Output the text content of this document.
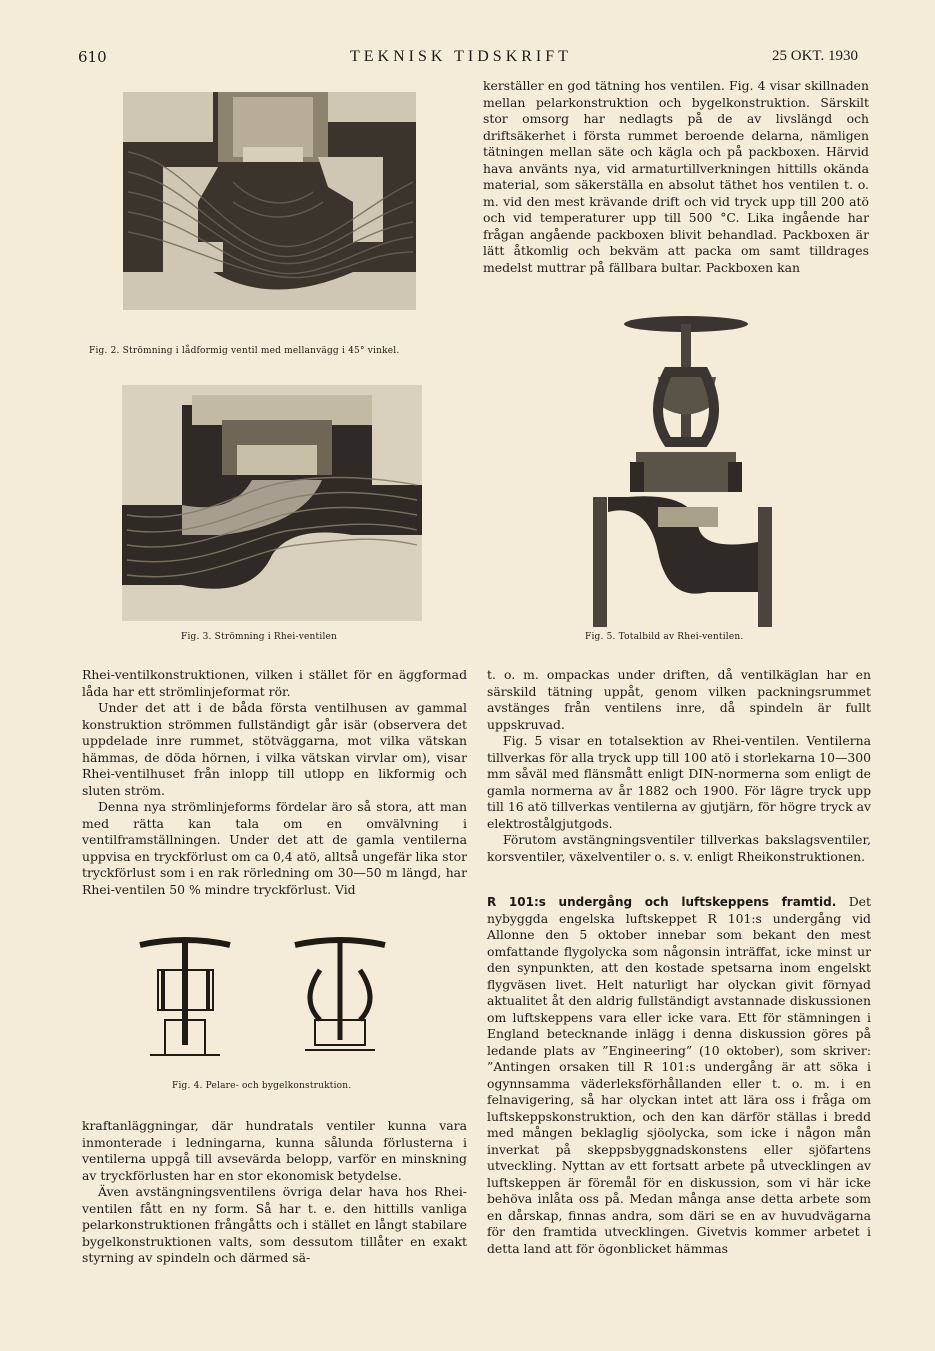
610	TEKNISK TIDSKRIFT	25 OKT. 1930

kerställer en god tätning hos ventilen. Fig. 4 visar skillnaden mellan pelarkonstruktion och bygelkonstruktion. Särskilt stor omsorg har nedlagts på de av livslängd och driftsäkerhet i första rummet beroende delarna, nämligen tätningen mellan säte och kägla och på packboxen. Härvid hava använts nya, vid armaturtillverkningen hittills okända material, som säkerställa en absolut täthet hos ventilen t. o. m. vid den mest krävande drift och vid tryck upp till 200 atö och vid temperaturer upp till 500 °C. Lika ingående har frågan angående packboxen blivit behandlad. Packboxen är lätt åtkomlig och bekväm att packa om samt tilldrages medelst muttrar på fällbara bultar. Packboxen kan

Fig. 2. Strömning i lådformig ventil med mellanvägg i 45° vinkel.
Fig. 3. Strömning i Rhei-ventilen	Fig. 5. Totalbild av Rhei-ventilen.

Rhei-ventilkonstruktionen, vilken i stället för en äggformad låda har ett strömlinjeformat rör.

Under det att i de båda första ventilhusen av gammal konstruktion strömmen fullständigt går isär (observera det uppdelade inre rummet, stötväggarna, mot vilka vätskan hämmas, de döda hörnen, i vilka vätskan virvlar om), visar Rhei-ventilhuset från inlopp till utlopp en likformig och sluten ström.

Denna nya strömlinjeforms fördelar äro så stora, att man med rätta kan tala om en omvälvning i ventilframställningen. Under det att de gamla ventilerna uppvisa en tryckförlust om ca 0,4 atö, alltså ungefär lika stor tryckförlust som i en rak rörledning om 30—50 m längd, har Rhei-ventilen 50 % mindre tryckförlust. Vid

Fig. 4. Pelare- och bygelkonstruktion.

kraftanläggningar, där hundratals ventiler kunna vara inmonterade i ledningarna, kunna sålunda förlusterna i ventilerna uppgå till avsevärda belopp, varför en minskning av tryckförlusten har en stor ekonomisk betydelse.

Även avstängningsventilens övriga delar hava hos Rhei-ventilen fått en ny form. Så har t. e. den hittills vanliga pelarkonstruktionen frångåtts och i stället en långt stabilare bygelkonstruktionen valts, som dessutom tillåter en exakt styrning av spindeln och därmed sä-

t. o. m. ompackas under driften, då ventilkäglan har en särskild tätning uppåt, genom vilken packningsrummet avstänges från ventilens inre, då spindeln är fullt uppskruvad.

Fig. 5 visar en totalsektion av Rhei-ventilen. Ventilerna tillverkas för alla tryck upp till 100 atö i storlekarna 10—300 mm såväl med flänsmått enligt DIN-normerna som enligt de gamla normerna av år 1882 och 1900. För lägre tryck upp till 16 atö tillverkas ventilerna av gjutjärn, för högre tryck av elektrostålgjutgods.

Förutom avstängningsventiler tillverkas bakslagsventiler, korsventiler, växelventiler o. s. v. enligt Rheikonstruktionen.

R 101:s undergång och luftskeppens framtid. Det nybyggda engelska luftskeppet R 101:s undergång vid Allonne den 5 oktober innebar som bekant den mest omfattande flygolycka som någonsin inträffat, icke minst ur den synpunkten, att den kostade spetsarna inom engelskt flygväsen livet. Helt naturligt har olyckan givit förnyad aktualitet åt den aldrig fullständigt avstannade diskussionen om luftskeppens vara eller icke vara. Ett för stämningen i England betecknande inlägg i denna diskussion göres på ledande plats av ”Engineering” (10 oktober), som skriver: ”Antingen orsaken till R 101:s undergång är att söka i ogynnsamma väderleksförhållanden eller t. o. m. i en felnavigering, så har olyckan intet att lära oss i fråga om luftskeppskonstruktion, och den kan därför ställas i bredd med mången beklaglig sjöolycka, som icke i någon mån inverkat på skeppsbyggnadskonstens eller sjöfartens utveckling. Nyttan av ett fortsatt arbete på utvecklingen av luftskeppen är föremål för en diskussion, som vi här icke behöva inlåta oss på. Medan många anse detta arbete som en dårskap, finnas andra, som däri se en av huvudvägarna för den framtida utvecklingen. Givetvis kommer arbetet i detta land att för ögonblicket hämmas
